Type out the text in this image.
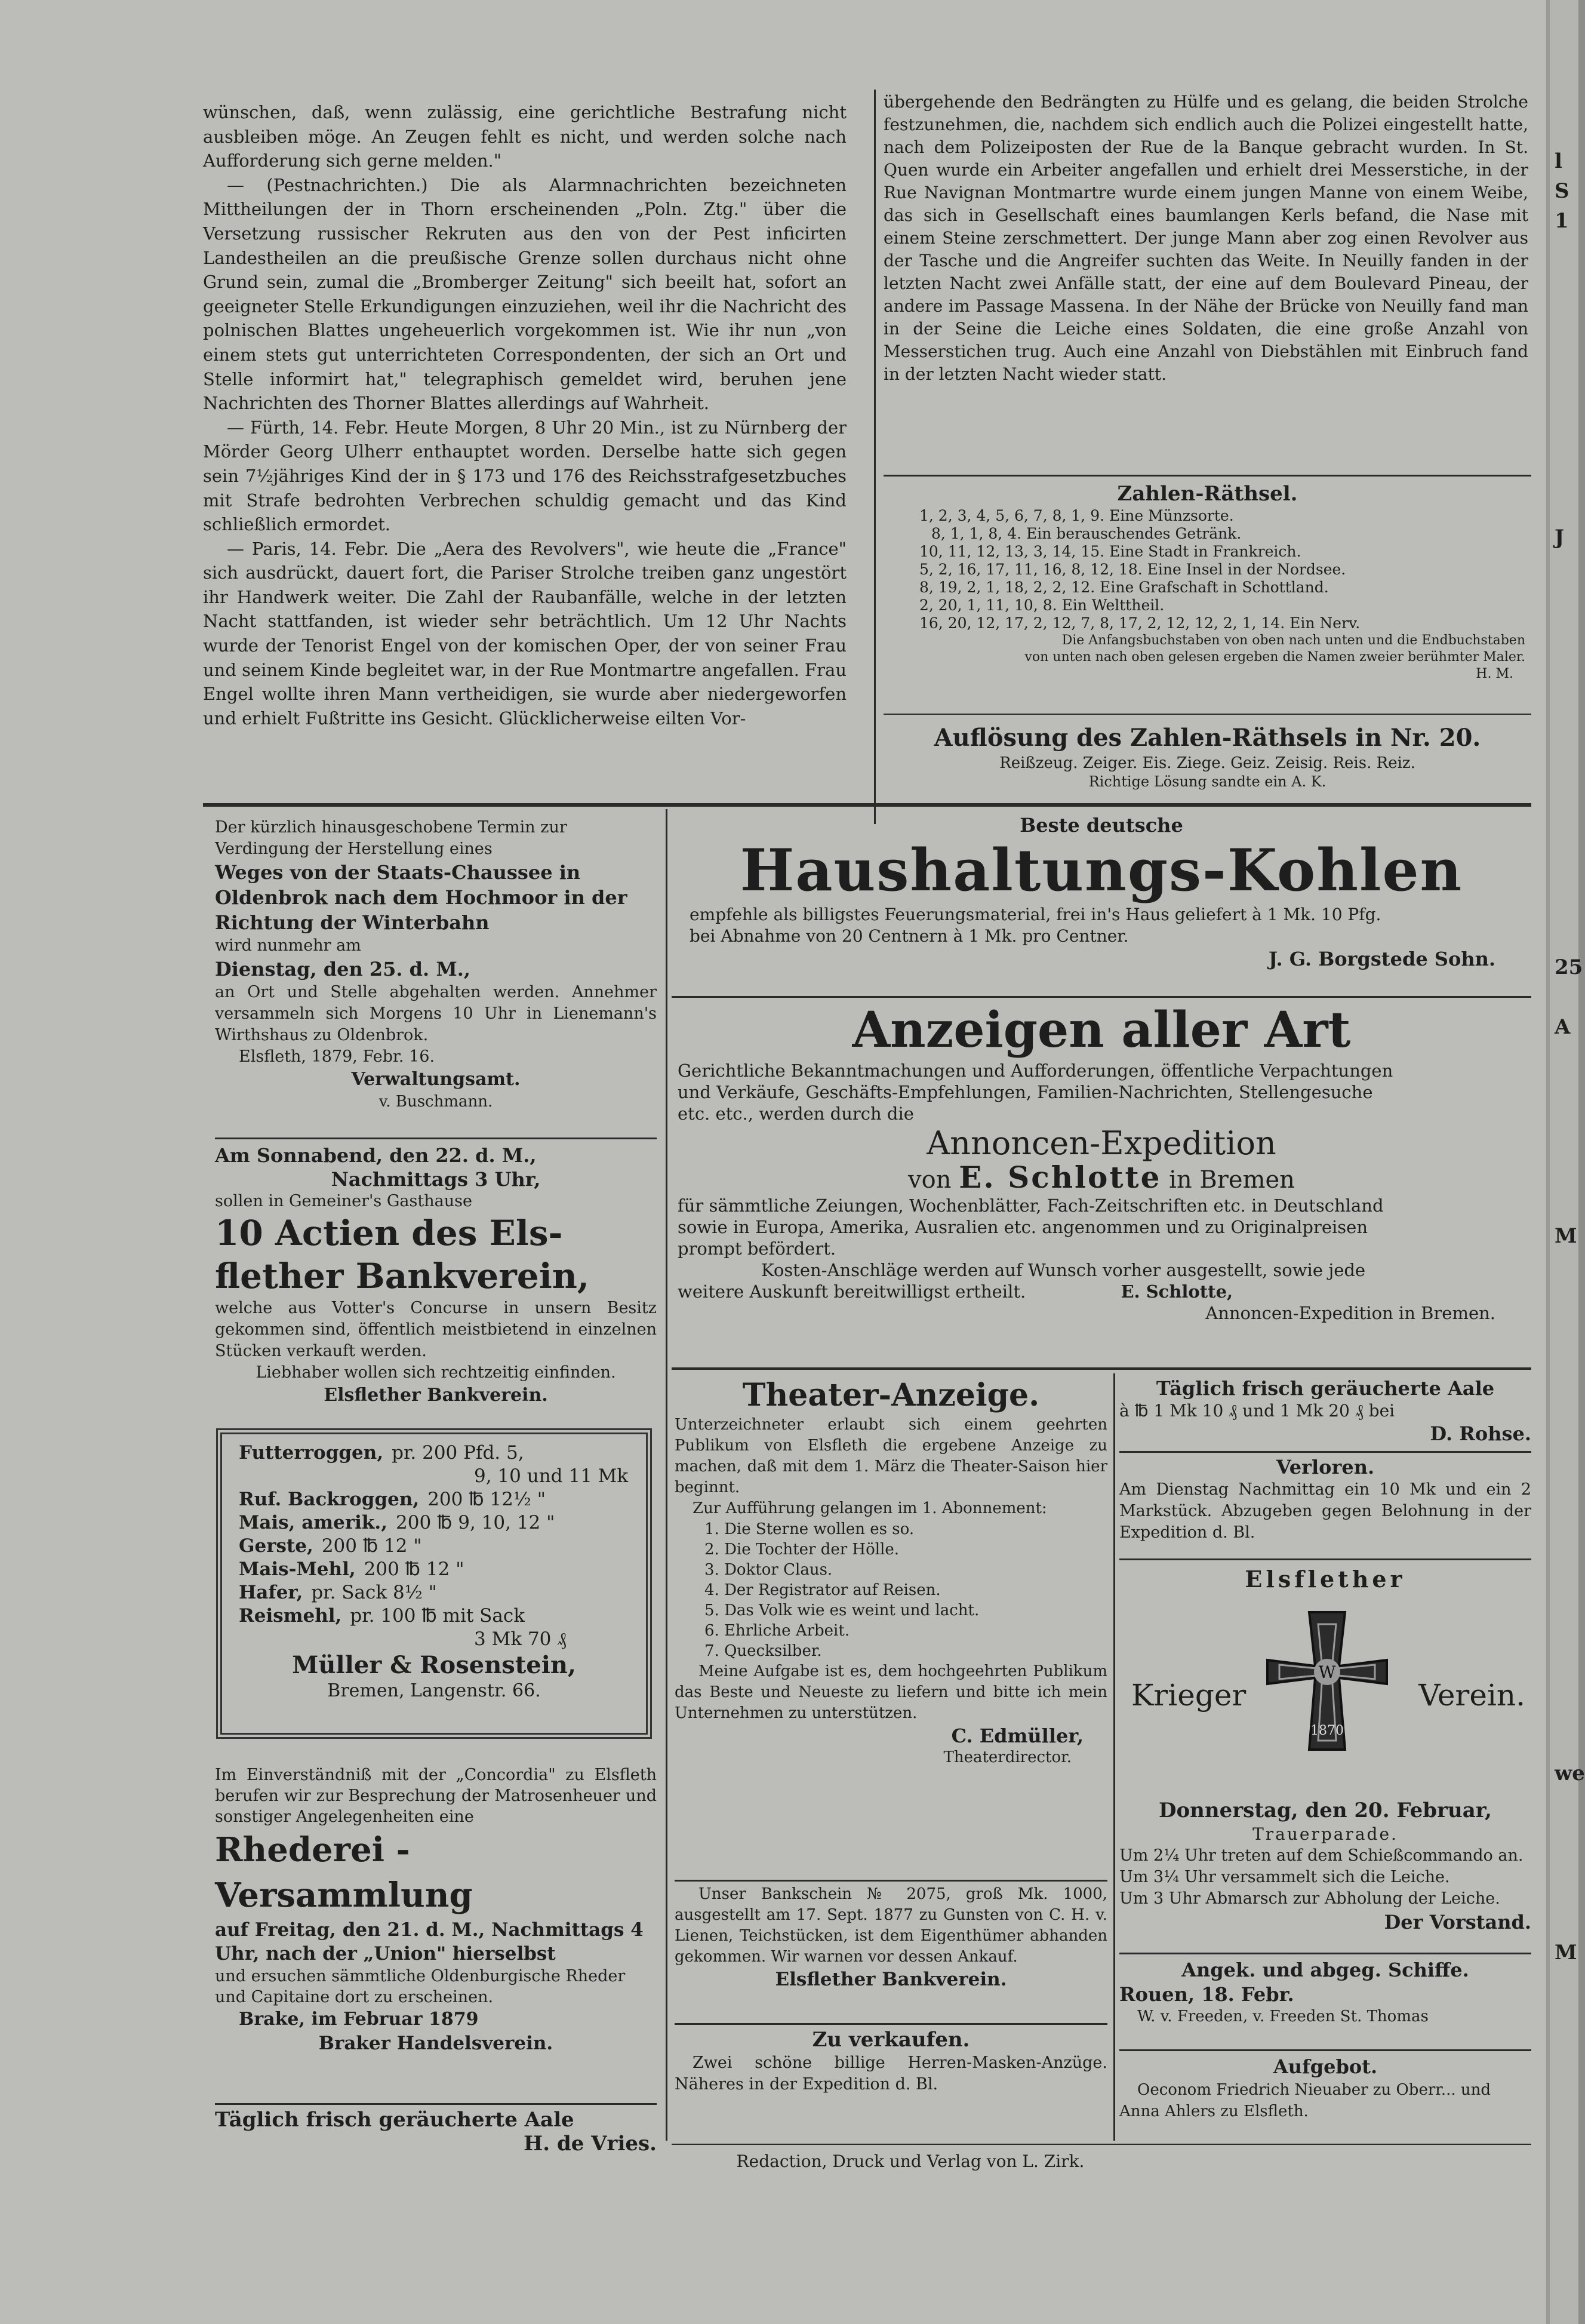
l
S
1
J
25
A
M
we
M

wünschen, daß, wenn zulässig, eine gerichtliche Bestrafung nicht ausbleiben möge. An Zeugen fehlt es nicht, und werden solche nach Aufforderung sich gerne melden."

— (Pestnachrichten.) Die als Alarmnachrichten bezeichneten Mittheilungen der in Thorn erscheinenden „Poln. Ztg." über die Versetzung russischer Rekruten aus den von der Pest inficirten Landestheilen an die preußische Grenze sollen durchaus nicht ohne Grund sein, zumal die „Bromberger Zeitung" sich beeilt hat, sofort an geeigneter Stelle Erkundigungen einzuziehen, weil ihr die Nachricht des polnischen Blattes ungeheuerlich vorgekommen ist. Wie ihr nun „von einem stets gut unterrichteten Correspondenten, der sich an Ort und Stelle informirt hat," telegraphisch gemeldet wird, beruhen jene Nachrichten des Thorner Blattes allerdings auf Wahrheit.

— Fürth, 14. Febr. Heute Morgen, 8 Uhr 20 Min., ist zu Nürnberg der Mörder Georg Ulherr enthauptet worden. Derselbe hatte sich gegen sein 7½jähriges Kind der in § 173 und 176 des Reichsstrafgesetzbuches mit Strafe bedrohten Verbrechen schuldig gemacht und das Kind schließlich ermordet.

— Paris, 14. Febr. Die „Aera des Revolvers", wie heute die „France" sich ausdrückt, dauert fort, die Pariser Strolche treiben ganz ungestört ihr Handwerk weiter. Die Zahl der Raubanfälle, welche in der letzten Nacht stattfanden, ist wieder sehr beträchtlich. Um 12 Uhr Nachts wurde der Tenorist Engel von der komischen Oper, der von seiner Frau und seinem Kinde begleitet war, in der Rue Montmartre angefallen. Frau Engel wollte ihren Mann vertheidigen, sie wurde aber niedergeworfen und erhielt Fußtritte ins Gesicht. Glücklicherweise eilten Vor-

übergehende den Bedrängten zu Hülfe und es gelang, die beiden Strolche festzunehmen, die, nachdem sich endlich auch die Polizei eingestellt hatte, nach dem Polizeiposten der Rue de la Banque gebracht wurden. In St. Quen wurde ein Arbeiter angefallen und erhielt drei Messerstiche, in der Rue Navignan Montmartre wurde einem jungen Manne von einem Weibe, das sich in Gesellschaft eines baumlangen Kerls befand, die Nase mit einem Steine zerschmettert. Der junge Mann aber zog einen Revolver aus der Tasche und die Angreifer suchten das Weite. In Neuilly fanden in der letzten Nacht zwei Anfälle statt, der eine auf dem Boulevard Pineau, der andere im Passage Massena. In der Nähe der Brücke von Neuilly fand man in der Seine die Leiche eines Soldaten, die eine große Anzahl von Messerstichen trug. Auch eine Anzahl von Diebstählen mit Einbruch fand in der letzten Nacht wieder statt.
Zahlen-Räthsel.
1, 2, 3, 4, 5, 6, 7, 8, 1, 9. Eine Münzsorte.
8, 1, 1, 8, 4. Ein berauschendes Getränk.
10, 11, 12, 13, 3, 14, 15. Eine Stadt in Frankreich.
5, 2, 16, 17, 11, 16, 8, 12, 18. Eine Insel in der Nordsee.
8, 19, 2, 1, 18, 2, 2, 12. Eine Grafschaft in Schottland.
2, 20, 1, 11, 10, 8. Ein Welttheil.
16, 20, 12, 17, 2, 12, 7, 8, 17, 2, 12, 12, 2, 1, 14. Ein Nerv.
Die Anfangsbuchstaben von oben nach unten und die Endbuchstaben
von unten nach oben gelesen ergeben die Namen zweier berühmter Maler.
H. M.
Auflösung des Zahlen-Räthsels in Nr. 20.
Reißzeug. Zeiger. Eis. Ziege. Geiz. Zeisig. Reis. Reiz.
Richtige Lösung sandte ein A. K.
Der kürzlich hinausgeschobene Termin zur
Verdingung der Herstellung eines
Weges von der Staats-Chaussee in Oldenbrok nach dem Hochmoor in der Richtung der Winterbahn
wird nunmehr am
Dienstag, den 25. d. M.,
an Ort und Stelle abgehalten werden. Annehmer versammeln sich Morgens 10 Uhr in Lienemann's Wirthshaus zu Oldenbrok.
Elsfleth, 1879, Febr. 16.
Verwaltungsamt.
v. Buschmann.
Am Sonnabend, den 22. d. M.,
Nachmittags 3 Uhr,
sollen in Gemeiner's Gasthause
10 Actien des Els-
flether Bankverein,
welche aus Votter's Concurse in unsern Besitz gekommen sind, öffentlich meistbietend in einzelnen Stücken verkauft werden.
Liebhaber wollen sich rechtzeitig einfinden.
Elsflether Bankverein.
Futterroggen, pr. 200 Pfd. 5,
9, 10 und 11 Mk
Ruf. Backroggen, 200 ℔ 12½ "
Mais, amerik., 200 ℔ 9, 10, 12 "
Gerste, 200 ℔ 12 "
Mais-Mehl, 200 ℔ 12 "
Hafer, pr. Sack 8½ "
Reismehl, pr. 100 ℔ mit Sack
3 Mk 70 ₰
Müller & Rosenstein,
Bremen, Langenstr. 66.
Im Einverständniß mit der „Concordia" zu Elsfleth berufen wir zur Besprechung der Matrosenheuer und sonstiger Angelegenheiten eine
Rhederei - Versammlung
auf Freitag, den 21. d. M., Nachmittags 4 Uhr, nach der „Union" hierselbst
und ersuchen sämmtliche Oldenburgische Rheder und Capitaine dort zu erscheinen.
Brake, im Februar 1879
Braker Handelsverein.
Täglich frisch geräucherte Aale
H. de Vries.
Beste deutsche
Haushaltungs-Kohlen
empfehle als billigstes Feuerungsmaterial, frei in's Haus geliefert à 1 Mk. 10 Pfg.
bei Abnahme von 20 Centnern à 1 Mk. pro Centner.
J. G. Borgstede Sohn.
Anzeigen aller Art
Gerichtliche Bekanntmachungen und Aufforderungen, öffentliche Verpachtungen
und Verkäufe, Geschäfts-Empfehlungen, Familien-Nachrichten, Stellengesuche
etc. etc., werden durch die
Annoncen-Expedition
von E. Schlotte in Bremen
für sämmtliche Zeiungen, Wochenblätter, Fach-Zeitschriften etc. in Deutschland
sowie in Europa, Amerika, Ausralien etc. angenommen und zu Originalpreisen
prompt befördert.
Kosten-Anschläge werden auf Wunsch vorher ausgestellt, sowie jede
weitere Auskunft bereitwilligst ertheilt.	E. Schlotte,
Annoncen-Expedition in Bremen.
Theater-Anzeige.
Unterzeichneter erlaubt sich einem geehrten Publikum von Elsfleth die ergebene Anzeige zu machen, daß mit dem 1. März die Theater-Saison hier beginnt.
Zur Aufführung gelangen im 1. Abonnement:
1. Die Sterne wollen es so.
2. Die Tochter der Hölle.
3. Doktor Claus.
4. Der Registrator auf Reisen.
5. Das Volk wie es weint und lacht.
6. Ehrliche Arbeit.
7. Quecksilber.
Meine Aufgabe ist es, dem hochgeehrten Publikum das Beste und Neueste zu liefern und bitte ich mein Unternehmen zu unterstützen.
C. Edmüller,
Theaterdirector.
Unser Bankschein № 2075, groß Mk. 1000, ausgestellt am 17. Sept. 1877 zu Gunsten von C. H. v. Lienen, Teichstücken, ist dem Eigenthümer abhanden gekommen. Wir warnen vor dessen Ankauf.
Elsflether Bankverein.
Zu verkaufen.
Zwei schöne billige Herren-Masken-Anzüge. Näheres in der Expedition d. Bl.
Täglich frisch geräucherte Aale
à ℔ 1 Mk 10 ₰ und 1 Mk 20 ₰ bei
D. Rohse.
Verloren.
Am Dienstag Nachmittag ein 10 Mk und ein 2 Markstück. Abzugeben gegen Belohnung in der Expedition d. Bl.
Elsflether
Krieger
W
1870
Verein.
Donnerstag, den 20. Februar,
Trauerparade.
Um 2¼ Uhr treten auf dem Schießcommando an.
Um 3¼ Uhr versammelt sich die Leiche.
Um 3 Uhr Abmarsch zur Abholung der Leiche.
Der Vorstand.
Angek. und abgeg. Schiffe.
Rouen, 18. Febr.
W. v. Freeden, v. Freeden St. Thomas
Aufgebot.
Oeconom Friedrich Nieuaber zu Oberr... und Anna Ahlers zu Elsfleth.
Redaction, Druck und Verlag von L. Zirk.
